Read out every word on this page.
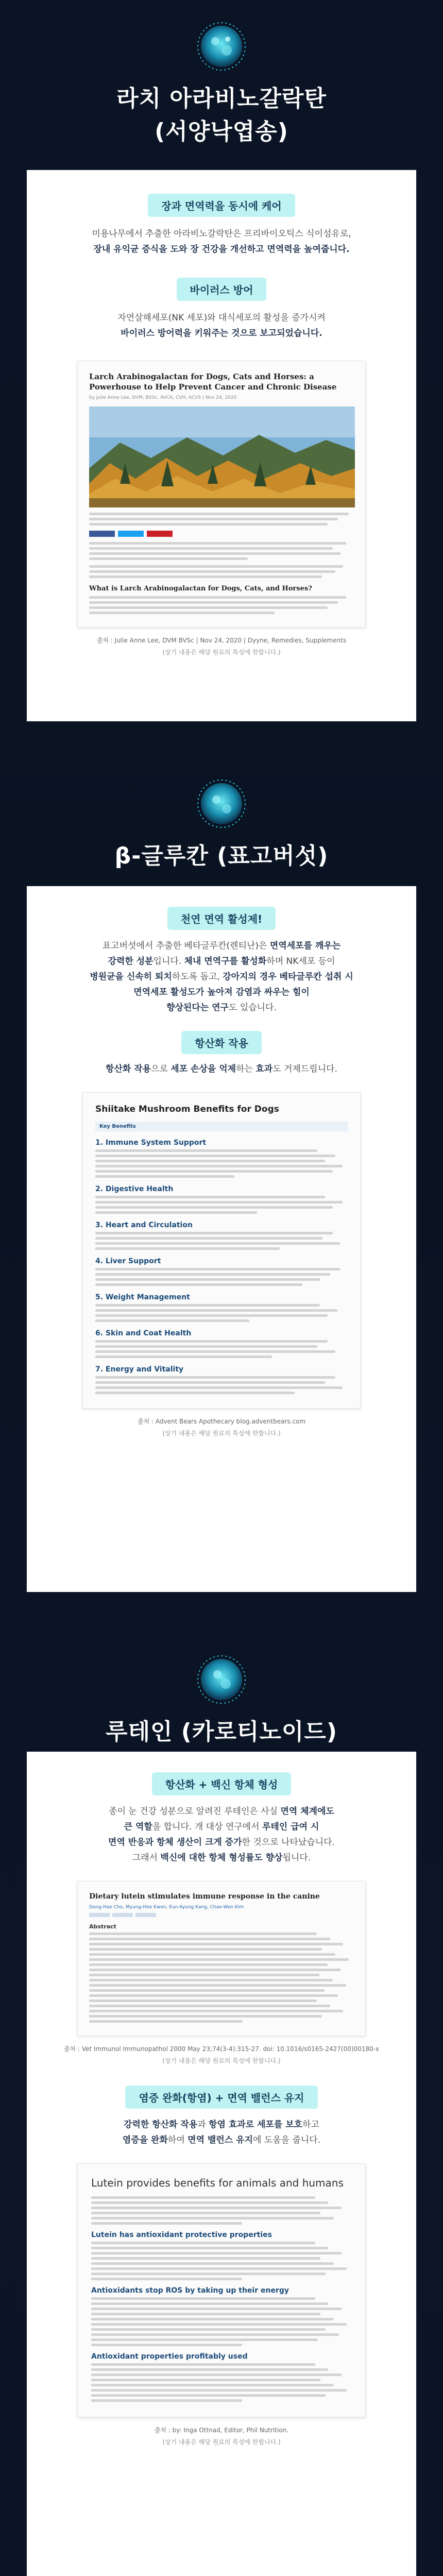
라치 아라비노갈락탄
(서양낙엽송)
장과 면역력을 동시에 케어
미용나무에서 추출한 아라비노갈락탄은 프리바이오틱스 식이섬유로,
장내 유익균 증식을 도와 장 건강을 개선하고 면역력을 높여줍니다.
바이러스 방어
자연살해세포(NK 세포)와 대식세포의 활성을 증가시켜
바이러스 방어력을 키워주는 것으로 보고되었습니다.
Larch Arabinogalactan for Dogs, Cats and Horses: a Powerhouse to Help Prevent Cancer and Chronic Disease
by Julie Anne Lee, DVM, BVSc, AVCA, CVH, ACVS | Nov 24, 2020
What is Larch Arabinogalactan for Dogs, Cats, and Horses?
출처 : Julie Anne Lee, DVM BVSc | Nov 24, 2020 | Dyyne, Remedies, Supplements
(상기 내용은 해당 원료의 특성에 한합니다.)
β-글루칸 (표고버섯)
천연 면역 활성제!
표고버섯에서 추출한 베타글루칸(렌티난)은 면역세포를 깨우는
강력한 성분입니다. 체내 면역구를 활성화하며 NK세포 등이
병원균을 신속히 퇴치하도록 돕고, 강아지의 경우 베타글루칸 섭취 시
면역세포 활성도가 높아져 감염과 싸우는 힘이
향상된다는 연구도 있습니다.
항산화 작용
항산화 작용으로 세포 손상을 억제하는 효과도 거제드립니다.
Shiitake Mushroom Benefits for Dogs
Key Benefits
1. Immune System Support
2. Digestive Health
3. Heart and Circulation
4. Liver Support
5. Weight Management
6. Skin and Coat Health
7. Energy and Vitality
출처 : Advent Bears Apothecary blog.adventbears.com
(상기 내용은 해당 원료의 특성에 한합니다.)
루테인 (카로티노이드)
항산화 + 백신 항체 형성
종이 눈 건강 성분으로 알려진 루테인은 사실 면역 체계에도
큰 역할을 합니다. 개 대상 연구에서 루테인 급여 시
면역 반응과 항체 생산이 크게 증가한 것으로 나타났습니다.
그래서 백신에 대한 항체 형성률도 향상됩니다.
Dietary lutein stimulates immune response in the canine
Dong-Hae Cho, Myung-Hee Kwon, Eun-Kyung Kang, Chae-Won Kim
Abstract
출처 : Vet Immunol Immunopathol 2000 May 23;74(3-4):315-27. doi: 10.1016/s0165-2427(00)00180-x
(상기 내용은 해당 원료의 특성에 한합니다.)
염증 완화(항염) + 면역 밸런스 유지
강력한 항산화 작용과 항염 효과로 세포를 보호하고
염증을 완화하여 면역 밸런스 유지에 도움을 줍니다.
Lutein provides benefits for animals and humans
Lutein has antioxidant protective properties
Antioxidants stop ROS by taking up their energy
Antioxidant properties profitably used
출처 : by: Inga Ottnad, Editor, Phil Nutrition.
(상기 내용은 해당 원료의 특성에 한합니다.)
